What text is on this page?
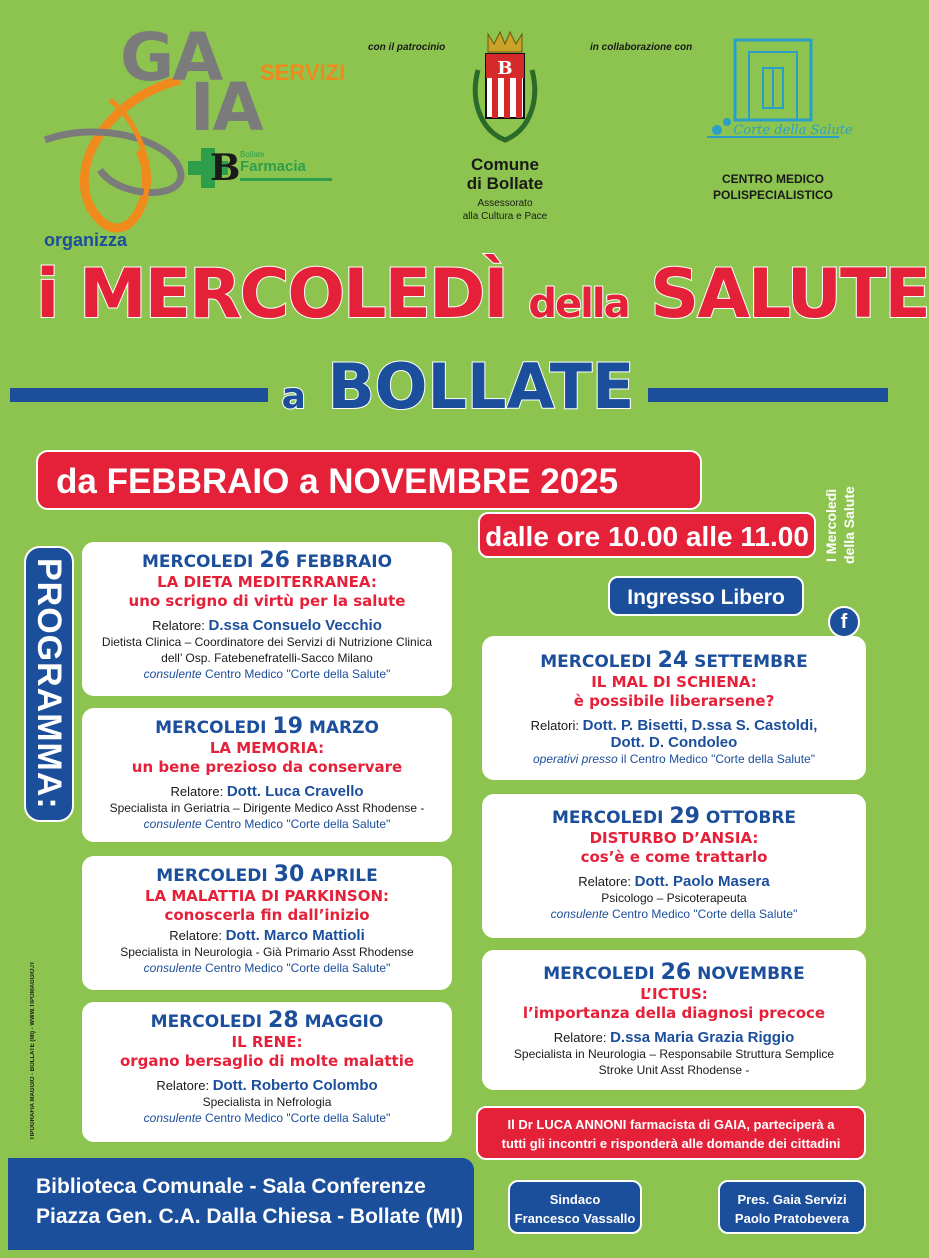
GA
IA
SERVIZI
B Bollate
Farmacia
organizza
con il patrocinio	in collaborazione con
B
Comune
di Bollate
Assessorato
alla Cultura e Pace
Corte della Salute
CENTRO MEDICO
POLISPECIALISTICO
i MERCOLEDÌ della SALUTE
a BOLLATE
da FEBBRAIO a NOVEMBRE 2025
dalle ore 10.00 alle 11.00
Ingresso Libero
I Mercoledì della Salute
f
PROGRAMMA:
TIPOGRAFIA MAGGIO - BOLLATE (MI) - WWW.TIPOMAGGIO.IT
MERCOLEDI 26 FEBBRAIO
LA DIETA MEDITERRANEA:
uno scrigno di virtù per la salute
Relatore: D.ssa Consuelo Vecchio
Dietista Clinica – Coordinatore dei Servizi di Nutrizione Clinica
dell’ Osp. Fatebenefratelli-Sacco Milano
consulente Centro Medico "Corte della Salute"
MERCOLEDI 19 MARZO
LA MEMORIA:
un bene prezioso da conservare
Relatore: Dott. Luca Cravello
Specialista in Geriatria – Dirigente Medico Asst Rhodense -
consulente Centro Medico "Corte della Salute"
MERCOLEDI 30 APRILE
LA MALATTIA DI PARKINSON:
conoscerla fin dall’inizio
Relatore: Dott. Marco Mattioli
Specialista in Neurologia - Già Primario Asst Rhodense
consulente Centro Medico "Corte della Salute"
MERCOLEDI 28 MAGGIO
IL RENE:
organo bersaglio di molte malattie
Relatore: Dott. Roberto Colombo
Specialista in Nefrologia
consulente Centro Medico "Corte della Salute"
MERCOLEDI 24 SETTEMBRE
IL MAL DI SCHIENA:
è possibile liberarsene?
Relatori: Dott. P. Bisetti, D.ssa S. Castoldi,
Dott. D. Condoleo
operativi presso il Centro Medico "Corte della Salute"
MERCOLEDI 29 OTTOBRE
DISTURBO D’ANSIA:
cos’è e come trattarlo
Relatore: Dott. Paolo Masera
Psicologo – Psicoterapeuta
consulente Centro Medico "Corte della Salute"
MERCOLEDI 26 NOVEMBRE
L’ICTUS:
l’importanza della diagnosi precoce
Relatore: D.ssa Maria Grazia Riggio
Specialista in Neurologia – Responsabile Struttura Semplice
Stroke Unit Asst Rhodense -
Il Dr LUCA ANNONI farmacista di GAIA, parteciperà a
tutti gli incontri e risponderà alle domande dei cittadini
Biblioteca Comunale - Sala Conferenze
Piazza Gen. C.A. Dalla Chiesa - Bollate (MI)
Sindaco
Francesco Vassallo
Pres. Gaia Servizi
Paolo Pratobevera
